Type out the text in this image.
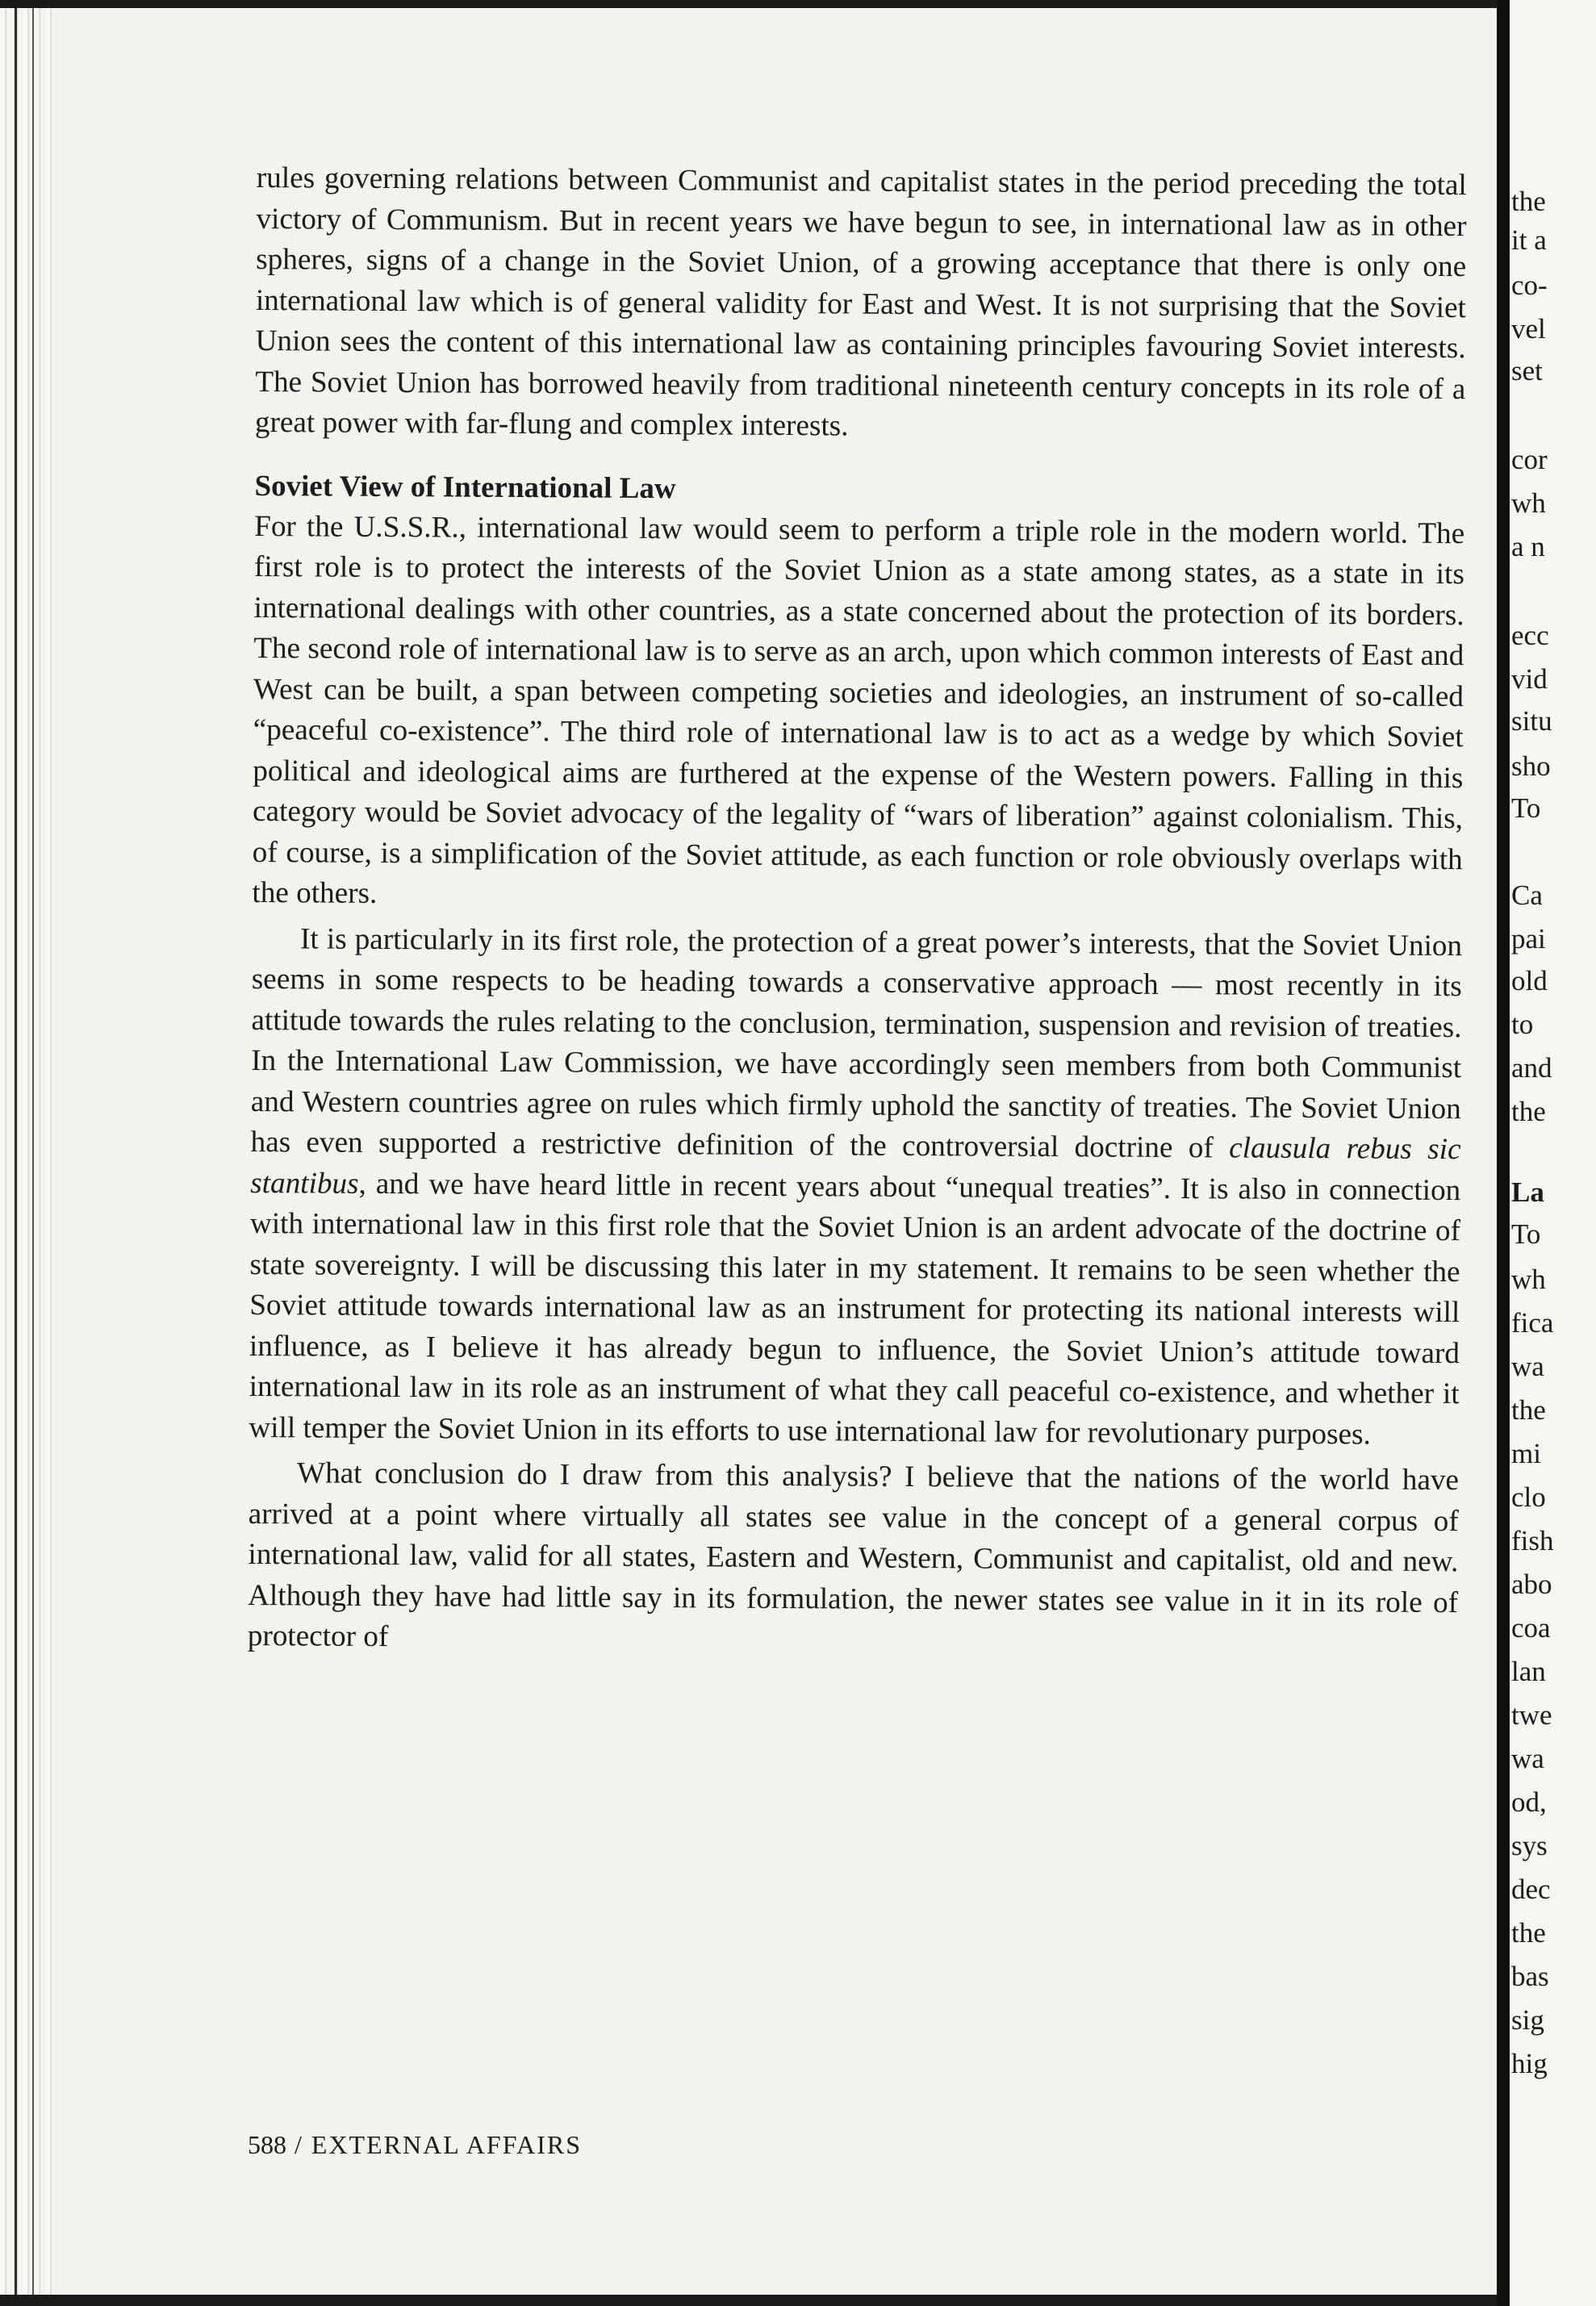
rules governing relations between Communist and capitalist states in the period preceding the total victory of Communism. But in recent years we have begun to see, in international law as in other spheres, signs of a change in the Soviet Union, of a growing acceptance that there is only one international law which is of general validity for East and West. It is not surprising that the Soviet Union sees the content of this international law as containing principles favouring Soviet interests. The Soviet Union has borrowed heavily from traditional nineteenth century concepts in its role of a great power with far-flung and complex interests.

Soviet View of International Law

For the U.S.S.R., international law would seem to perform a triple role in the modern world. The first role is to protect the interests of the Soviet Union as a state among states, as a state in its international dealings with other countries, as a state concerned about the protection of its borders. The second role of international law is to serve as an arch, upon which common interests of East and West can be built, a span between competing societies and ideologies, an instrument of so-called “peaceful co-existence”. The third role of international law is to act as a wedge by which Soviet political and ideological aims are furthered at the expense of the Western powers. Falling in this category would be Soviet advocacy of the legality of “wars of liberation” against colonialism. This, of course, is a simplification of the Soviet attitude, as each function or role obviously overlaps with the others.

It is particularly in its first role, the protection of a great power’s interests, that the Soviet Union seems in some respects to be heading towards a conservative approach — most recently in its attitude towards the rules relating to the conclusion, termination, suspension and revision of treaties. In the International Law Commission, we have accordingly seen members from both Communist and Western countries agree on rules which firmly uphold the sanctity of treaties. The Soviet Union has even supported a restrictive definition of the controversial doctrine of clausula rebus sic stantibus, and we have heard little in recent years about “unequal treaties”. It is also in connection with international law in this first role that the Soviet Union is an ardent advocate of the doctrine of state sovereignty. I will be discussing this later in my statement. It remains to be seen whether the Soviet attitude towards international law as an instrument for protecting its national interests will influence, as I believe it has already begun to influence, the Soviet Union’s attitude toward international law in its role as an instrument of what they call peaceful co-existence, and whether it will temper the Soviet Union in its efforts to use international law for revolutionary purposes.

What conclusion do I draw from this analysis? I believe that the nations of the world have arrived at a point where virtually all states see value in the concept of a general corpus of international law, valid for all states, Eastern and Western, Communist and capitalist, old and new. Although they have had little say in its formulation, the newer states see value in it in its role of protector of

588 / EXTERNAL AFFAIRS
the
it a
co-
vel
set
cor
wh
a n
ecc
vid
situ
sho
To
Ca
pai
old
to
and
the
La
To
wh
fica
wa
the
mi
clo
fish
abo
coa
lan
twe
wa
od,
sys
dec
the
bas
sig
hig
